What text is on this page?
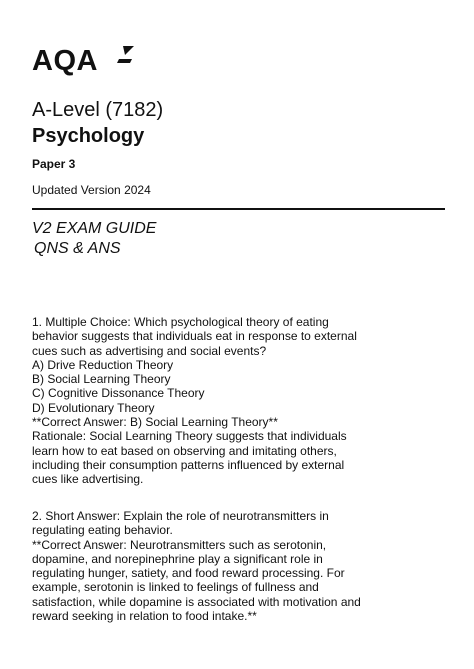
AQA
A-Level (7182)
Psychology
Paper 3
Updated Version 2024
V2 EXAM GUIDE
QNS & ANS
1. Multiple Choice: Which psychological theory of eating
behavior suggests that individuals eat in response to external
cues such as advertising and social events?
A) Drive Reduction Theory
B) Social Learning Theory
C) Cognitive Dissonance Theory
D) Evolutionary Theory
**Correct Answer: B) Social Learning Theory**
Rationale: Social Learning Theory suggests that individuals
learn how to eat based on observing and imitating others,
including their consumption patterns influenced by external
cues like advertising.
2. Short Answer: Explain the role of neurotransmitters in
regulating eating behavior.
**Correct Answer: Neurotransmitters such as serotonin,
dopamine, and norepinephrine play a significant role in
regulating hunger, satiety, and food reward processing. For
example, serotonin is linked to feelings of fullness and
satisfaction, while dopamine is associated with motivation and
reward seeking in relation to food intake.**
